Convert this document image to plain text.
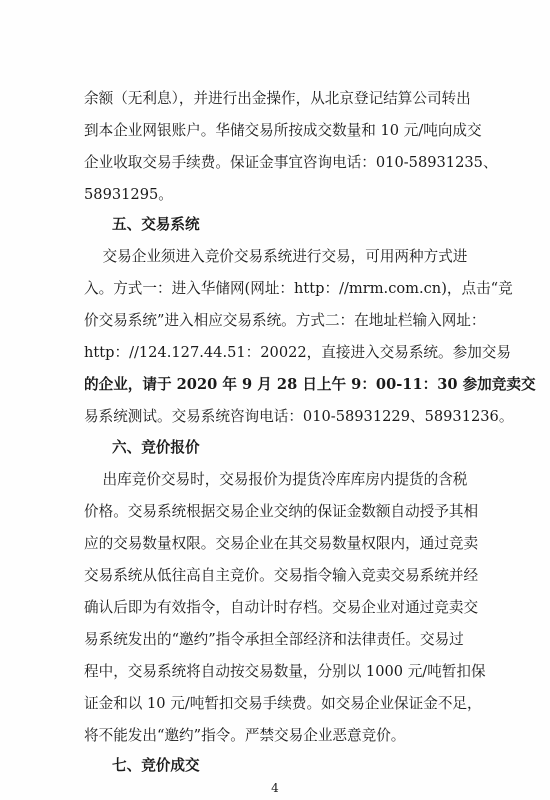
余额（无利息），并进行出金操作，从北京登记结算公司转出
到本企业网银账户。华储交易所按成交数量和 10 元/吨向成交
企业收取交易手续费。保证金事宜咨询电话：010-58931235、
58931295。
五、交易系统
交易企业须进入竞价交易系统进行交易，可用两种方式进
入。方式一：进入华储网(网址：http：//mrm.com.cn)，点击“竞
价交易系统”进入相应交易系统。方式二：在地址栏输入网址：
http：//124.127.44.51：20022，直接进入交易系统。参加交易
的企业，请于 2020 年 9 月 28 日上午 9：00-11：30 参加竞卖交
易系统测试。交易系统咨询电话：010-58931229、58931236。
六、竞价报价
出库竞价交易时，交易报价为提货冷库库房内提货的含税
价格。交易系统根据交易企业交纳的保证金数额自动授予其相
应的交易数量权限。交易企业在其交易数量权限内，通过竞卖
交易系统从低往高自主竞价。交易指令输入竞卖交易系统并经
确认后即为有效指令，自动计时存档。交易企业对通过竞卖交
易系统发出的“邀约”指令承担全部经济和法律责任。交易过
程中，交易系统将自动按交易数量，分别以 1000 元/吨暂扣保
证金和以 10 元/吨暂扣交易手续费。如交易企业保证金不足，
将不能发出“邀约”指令。严禁交易企业恶意竞价。
七、竞价成交
4
